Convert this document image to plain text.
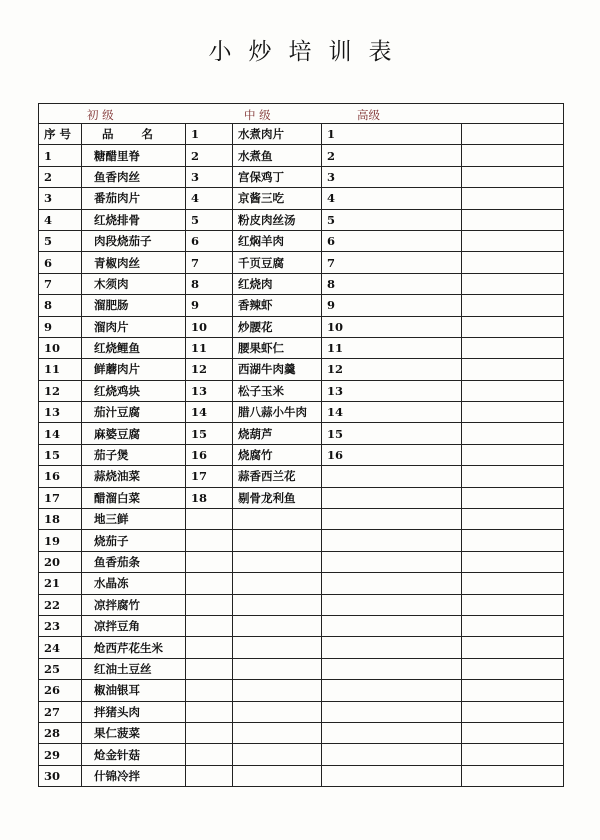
小炒培训表
初 级 中 级 高级					

序 号	品 名	1	水煮肉片	1	
1	糖醋里脊	2	水煮鱼	2	
2	鱼香肉丝	3	宫保鸡丁	3	
3	番茄肉片	4	京酱三吃	4	
4	红烧排骨	5	粉皮肉丝汤	5	
5	肉段烧茄子	6	红焖羊肉	6	
6	青椒肉丝	7	千页豆腐	7	
7	木须肉	8	红烧肉	8	
8	溜肥肠	9	香辣虾	9	
9	溜肉片	10	炒腰花	10	
10	红烧鲤鱼	11	腰果虾仁	11	
11	鲜蘑肉片	12	西湖牛肉羹	12	
12	红烧鸡块	13	松子玉米	13	
13	茄汁豆腐	14	腊八蒜小牛肉	14	
14	麻婆豆腐	15	烧葫芦	15	
15	茄子煲	16	烧腐竹	16	
16	蒜烧油菜	17	蒜香西兰花		
17	醋溜白菜	18	剔骨龙利鱼		
18	地三鲜				
19	烧茄子				
20	鱼香茄条				
21	水晶冻				
22	凉拌腐竹				
23	凉拌豆角				
24	炝西芹花生米				
25	红油土豆丝				
26	椒油银耳				
27	拌猪头肉				
28	果仁菠菜				
29	炝金针菇				
30	什锦冷拌				
